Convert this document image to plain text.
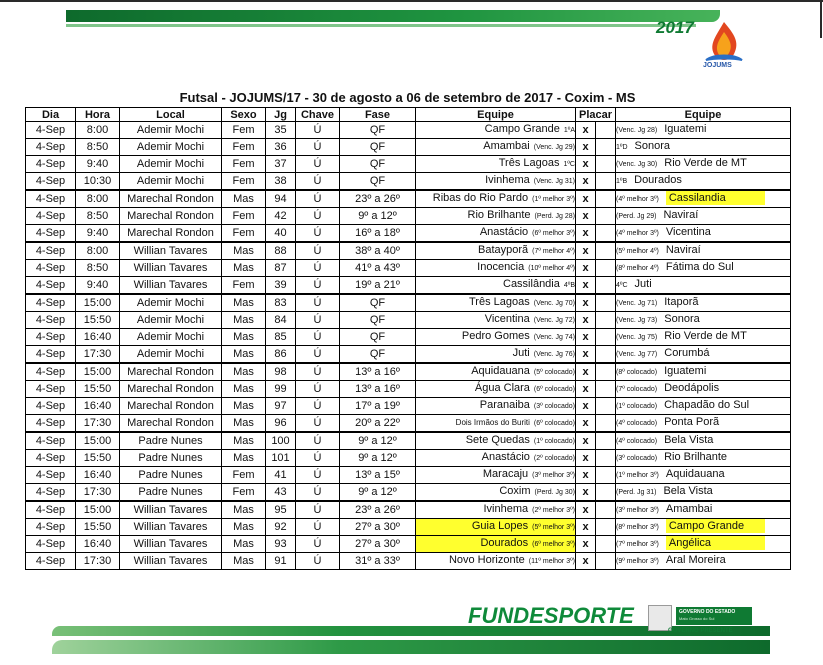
2017
JOJUMS
Futsal - JOJUMS/17 - 30 de agosto a 06 de setembro de 2017 - Coxim - MS
Dia	Hora	Local	Sexo	Jg	Chave	Fase	Equipe	Placar		Equipe
4-Sep	8:00	Ademir Mochi	Fem	35	Ú	QF	Campo Grande 1ºA	x		(Venc. Jg 28) Iguatemi
4-Sep	8:50	Ademir Mochi	Fem	36	Ú	QF	Amambai (Venc. Jg 29)	x		1ºD Sonora
4-Sep	9:40	Ademir Mochi	Fem	37	Ú	QF	Três Lagoas 1ºC	x		(Venc. Jg 30) Rio Verde de MT
4-Sep	10:30	Ademir Mochi	Fem	38	Ú	QF	Ivinhema (Venc. Jg 31)	x		1ºB Dourados
4-Sep	8:00	Marechal Rondon	Mas	94	Ú	23º a 26º	Ribas do Rio Pardo (1º melhor 3º)	x		(4º melhor 3º) Cassilandia
4-Sep	8:50	Marechal Rondon	Fem	42	Ú	9º a 12º	Rio Brilhante (Perd. Jg 28)	x		(Perd. Jg 29) Naviraí
4-Sep	9:40	Marechal Rondon	Fem	40	Ú	16º a 18º	Anastácio (6º melhor 3º)	x		(4º melhor 3º) Vicentina
4-Sep	8:00	Willian Tavares	Mas	88	Ú	38º a 40º	Batayporã (7º melhor 4º)	x		(5º melhor 4º) Naviraí
4-Sep	8:50	Willian Tavares	Mas	87	Ú	41º a 43º	Inocencia (10º melhor 4º)	x		(8º melhor 4º) Fátima do Sul
4-Sep	9:40	Willian Tavares	Fem	39	Ú	19º a 21º	Cassilândia 4ºB	x		4ºC Juti
4-Sep	15:00	Ademir Mochi	Mas	83	Ú	QF	Três Lagoas (Venc. Jg 70)	x		(Venc. Jg 71) Itaporã
4-Sep	15:50	Ademir Mochi	Mas	84	Ú	QF	Vicentina (Venc. Jg 72)	x		(Venc. Jg 73) Sonora
4-Sep	16:40	Ademir Mochi	Mas	85	Ú	QF	Pedro Gomes (Venc. Jg 74)	x		(Venc. Jg 75) Rio Verde de MT
4-Sep	17:30	Ademir Mochi	Mas	86	Ú	QF	Juti (Venc. Jg 76)	x		(Venc. Jg 77) Corumbá
4-Sep	15:00	Marechal Rondon	Mas	98	Ú	13º a 16º	Aquidauana (5º colocado)	x		(8º colocado) Iguatemi
4-Sep	15:50	Marechal Rondon	Mas	99	Ú	13º a 16º	Água Clara (6º colocado)	x		(7º colocado) Deodápolis
4-Sep	16:40	Marechal Rondon	Mas	97	Ú	17º a 19º	Paranaiba (3º colocado)	x		(1º colocado) Chapadão do Sul
4-Sep	17:30	Marechal Rondon	Mas	96	Ú	20º a 22º	Dois Irmãos do Buriti (6º colocado)	x		(4º colocado) Ponta Porã
4-Sep	15:00	Padre Nunes	Mas	100	Ú	9º a 12º	Sete Quedas (1º colocado)	x		(4º colocado) Bela Vista
4-Sep	15:50	Padre Nunes	Mas	101	Ú	9º a 12º	Anastácio (2º colocado)	x		(3º colocado) Rio Brilhante
4-Sep	16:40	Padre Nunes	Fem	41	Ú	13º a 15º	Maracaju (3º melhor 3º)	x		(1º melhor 3º) Aquidauana
4-Sep	17:30	Padre Nunes	Fem	43	Ú	9º a 12º	Coxim (Perd. Jg 30)	x		(Perd. Jg 31) Bela Vista
4-Sep	15:00	Willian Tavares	Mas	95	Ú	23º a 26º	Ivinhema (2º melhor 3º)	x		(3º melhor 3º) Amambai
4-Sep	15:50	Willian Tavares	Mas	92	Ú	27º a 30º	Guia Lopes (5º melhor 3º)	x		(8º melhor 3º) Campo Grande
4-Sep	16:40	Willian Tavares	Mas	93	Ú	27º a 30º	Dourados (6º melhor 3º)	x		(7º melhor 3º) Angélica
4-Sep	17:30	Willian Tavares	Mas	91	Ú	31º a 33º	Novo Horizonte (11º melhor 3º)	x		(9º melhor 3º) Aral Moreira
FUNDESPORTE
FUNDAÇÃO DE DESPORTO E LAZER DE MATO GROSSO DO SUL
GOVERNO DO ESTADO
Mato Grosso do Sul
GOVERNO PRESENTE
